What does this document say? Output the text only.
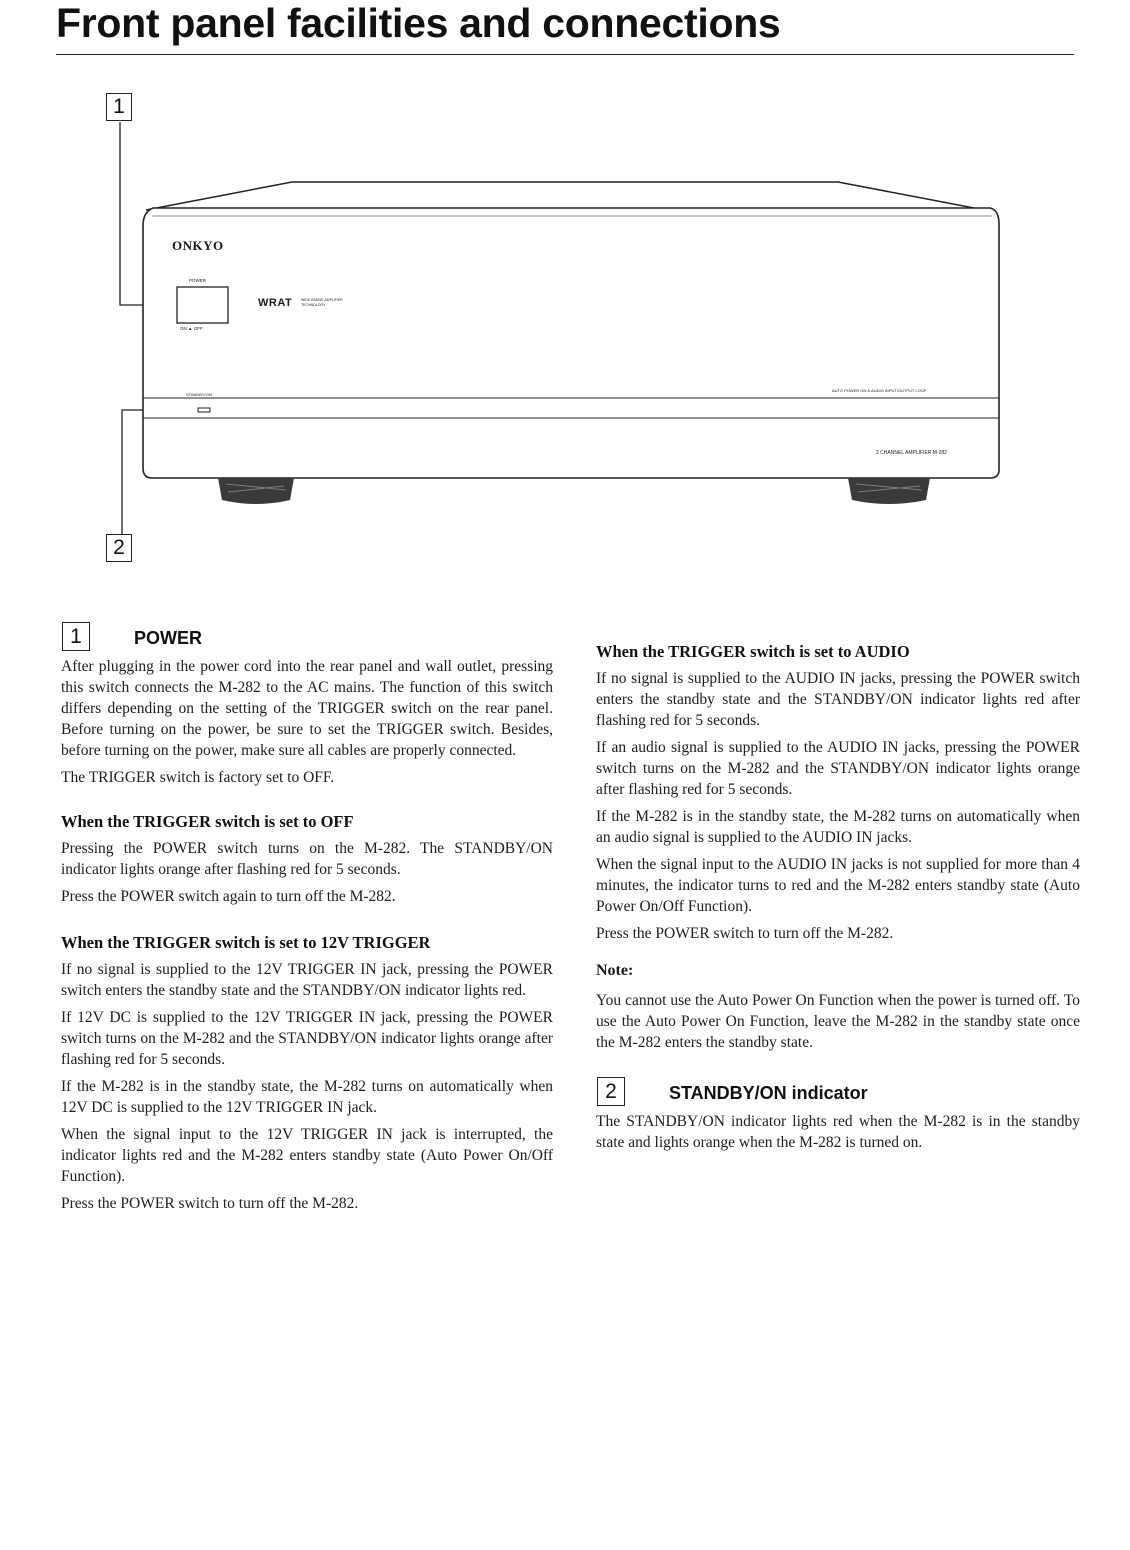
Front panel facilities and connections
1
2
ONKYO
POWER
ON ▲ OFF
WRAT	WIDE RANGE AMPLIFIER
TECHNOLOGY
STANDBY/ON
AUTO POWER ON & AUDIO INPUT/OUTPUT LOOP
2 CHANNEL AMPLIFIER M-282
1	POWER

After plugging in the power cord into the rear panel and wall outlet, pressing this switch connects the M-282 to the AC mains. The function of this switch differs depending on the setting of the TRIGGER switch on the rear panel. Before turning on the power, be sure to set the TRIGGER switch. Besides, before turning on the power, make sure all cables are properly connected.

The TRIGGER switch is factory set to OFF.

When the TRIGGER switch is set to OFF

Pressing the POWER switch turns on the M-282. The STANDBY/ON indicator lights orange after flashing red for 5 seconds.

Press the POWER switch again to turn off the M-282.

When the TRIGGER switch is set to 12V TRIGGER

If no signal is supplied to the 12V TRIGGER IN jack, pressing the POWER switch enters the standby state and the STANDBY/ON indicator lights red.

If 12V DC is supplied to the 12V TRIGGER IN jack, pressing the POWER switch turns on the M-282 and the STANDBY/ON indicator lights orange after flashing red for 5 seconds.

If the M-282 is in the standby state, the M-282 turns on automatically when 12V DC is supplied to the 12V TRIGGER IN jack.

When the signal input to the 12V TRIGGER IN jack is interrupted, the indicator lights red and the M-282 enters standby state (Auto Power On/Off Function).

Press the POWER switch to turn off the M-282.

When the TRIGGER switch is set to AUDIO

If no signal is supplied to the AUDIO IN jacks, pressing the POWER switch enters the standby state and the STANDBY/ON indicator lights red after flashing red for 5 seconds.

If an audio signal is supplied to the AUDIO IN jacks, pressing the POWER switch turns on the M-282 and the STANDBY/ON indicator lights orange after flashing red for 5 seconds.

If the M-282 is in the standby state, the M-282 turns on automatically when an audio signal is supplied to the AUDIO IN jacks.

When the signal input to the AUDIO IN jacks is not supplied for more than 4 minutes, the indicator turns to red and the M-282 enters standby state (Auto Power On/Off Function).

Press the POWER switch to turn off the M-282.

Note:

You cannot use the Auto Power On Function when the power is turned off. To use the Auto Power On Function, leave the M-282 in the standby state once the M-282 enters the standby state.

2	STANDBY/ON indicator

The STANDBY/ON indicator lights red when the M-282 is in the standby state and lights orange when the M-282 is turned on.
